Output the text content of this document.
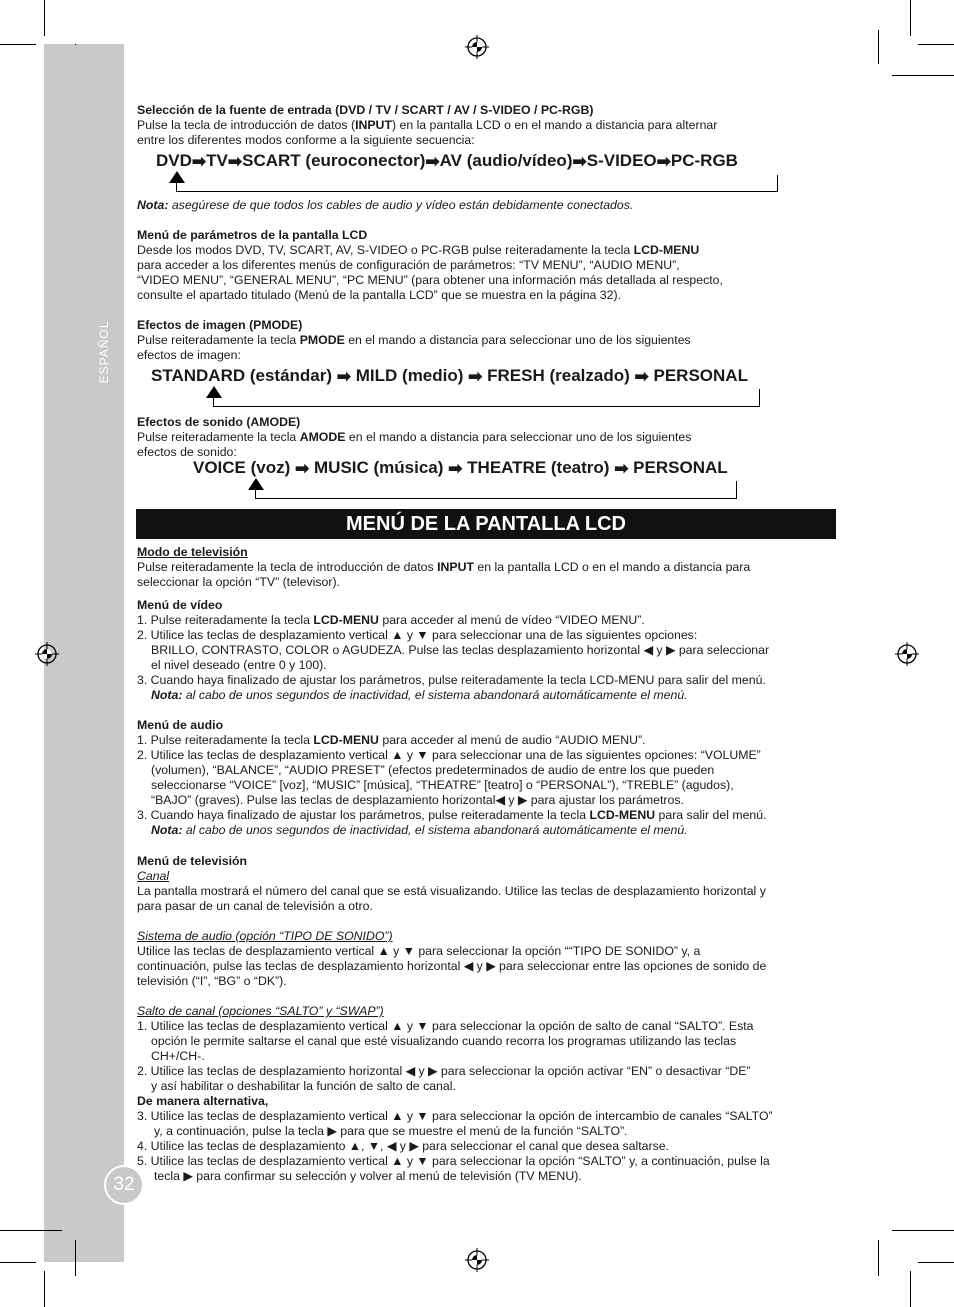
ESPAÑOL
32
Selección de la fuente de entrada (DVD / TV / SCART / AV / S-VIDEO / PC-RGB)
Pulse la tecla de introducción de datos (INPUT) en la pantalla LCD o en el mando a distancia para alternar
entre los diferentes modos conforme a la siguiente secuencia:
DVD➡TV➡SCART (euroconector)➡AV (audio/vídeo)➡S-VIDEO➡PC-RGB
Nota: asegúrese de que todos los cables de audio y vídeo están debidamente conectados.
Menú de parámetros de la pantalla LCD
Desde los modos DVD, TV, SCART, AV, S-VIDEO o PC-RGB pulse reiteradamente la tecla LCD-MENU
para acceder a los diferentes menús de configuración de parámetros: “TV MENU”, “AUDIO MENU”,
“VIDEO MENU”, “GENERAL MENU”, “PC MENU” (para obtener una información más detallada al respecto,
consulte el apartado titulado (Menú de la pantalla LCD” que se muestra en la página 32).
Efectos de imagen (PMODE)
Pulse reiteradamente la tecla PMODE en el mando a distancia para seleccionar uno de los siguientes
efectos de imagen:
STANDARD (estándar) ➡ MILD (medio) ➡ FRESH (realzado) ➡ PERSONAL
Efectos de sonido (AMODE)
Pulse reiteradamente la tecla AMODE en el mando a distancia para seleccionar uno de los siguientes
efectos de sonido:
VOICE (voz) ➡ MUSIC (música) ➡ THEATRE (teatro) ➡ PERSONAL
MENÚ DE LA PANTALLA LCD
Modo de televisión
Pulse reiteradamente la tecla de introducción de datos INPUT en la pantalla LCD o en el mando a distancia para
seleccionar la opción “TV” (televisor).
Menú de vídeo
1. Pulse reiteradamente la tecla LCD-MENU para acceder al menú de vídeo “VIDEO MENU”.
2. Utilice las teclas de desplazamiento vertical ▲ y ▼ para seleccionar una de las siguientes opciones:
BRILLO, CONTRASTO, COLOR o AGUDEZA. Pulse las teclas desplazamiento horizontal ◀ y ▶ para seleccionar
el nivel deseado (entre 0 y 100).
3. Cuando haya finalizado de ajustar los parámetros, pulse reiteradamente la tecla LCD-MENU para salir del menú.
Nota: al cabo de unos segundos de inactividad, el sistema abandonará automáticamente el menú.
Menú de audio
1. Pulse reiteradamente la tecla LCD-MENU para acceder al menú de audio “AUDIO MENU”.
2. Utilice las teclas de desplazamiento vertical ▲ y ▼ para seleccionar una de las siguientes opciones: “VOLUME”
(volumen), “BALANCE”, “AUDIO PRESET” (efectos predeterminados de audio de entre los que pueden
seleccionarse “VOICE” [voz], “MUSIC” [música], “THEATRE” [teatro] o “PERSONAL”), “TREBLE” (agudos),
“BAJO” (graves). Pulse las teclas de desplazamiento horizontal◀ y ▶ para ajustar los parámetros.
3. Cuando haya finalizado de ajustar los parámetros, pulse reiteradamente la tecla LCD-MENU para salir del menú.
Nota: al cabo de unos segundos de inactividad, el sistema abandonará automáticamente el menú.
Menú de televisión
Canal
La pantalla mostrará el número del canal que se está visualizando. Utilice las teclas de desplazamiento horizontal y
para pasar de un canal de televisión a otro.
Sistema de audio (opción “TIPO DE SONIDO”)
Utilice las teclas de desplazamiento vertical ▲ y ▼ para seleccionar la opción ““TIPO DE SONIDO” y, a
continuación, pulse las teclas de desplazamiento horizontal ◀ y ▶ para seleccionar entre las opciones de sonido de
televisión (“I”, “BG” o “DK”).
Salto de canal (opciones “SALTO” y “SWAP”)
1. Utilice las teclas de desplazamiento vertical ▲ y ▼ para seleccionar la opción de salto de canal “SALTO”. Esta
opción le permite saltarse el canal que esté visualizando cuando recorra los programas utilizando las teclas
CH+/CH-.
2. Utilice las teclas de desplazamiento horizontal ◀ y ▶ para seleccionar la opción activar “EN” o desactivar “DE”
y así habilitar o deshabilitar la función de salto de canal.
De manera alternativa,
3. Utilice las teclas de desplazamiento vertical ▲ y ▼ para seleccionar la opción de intercambio de canales “SALTO”
y, a continuación, pulse la tecla ▶ para que se muestre el menú de la función “SALTO”.
4. Utilice las teclas de desplazamiento ▲, ▼, ◀ y ▶ para seleccionar el canal que desea saltarse.
5. Utilice las teclas de desplazamiento vertical ▲ y ▼ para seleccionar la opción “SALTO” y, a continuación, pulse la
tecla ▶ para confirmar su selección y volver al menú de televisión (TV MENU).
